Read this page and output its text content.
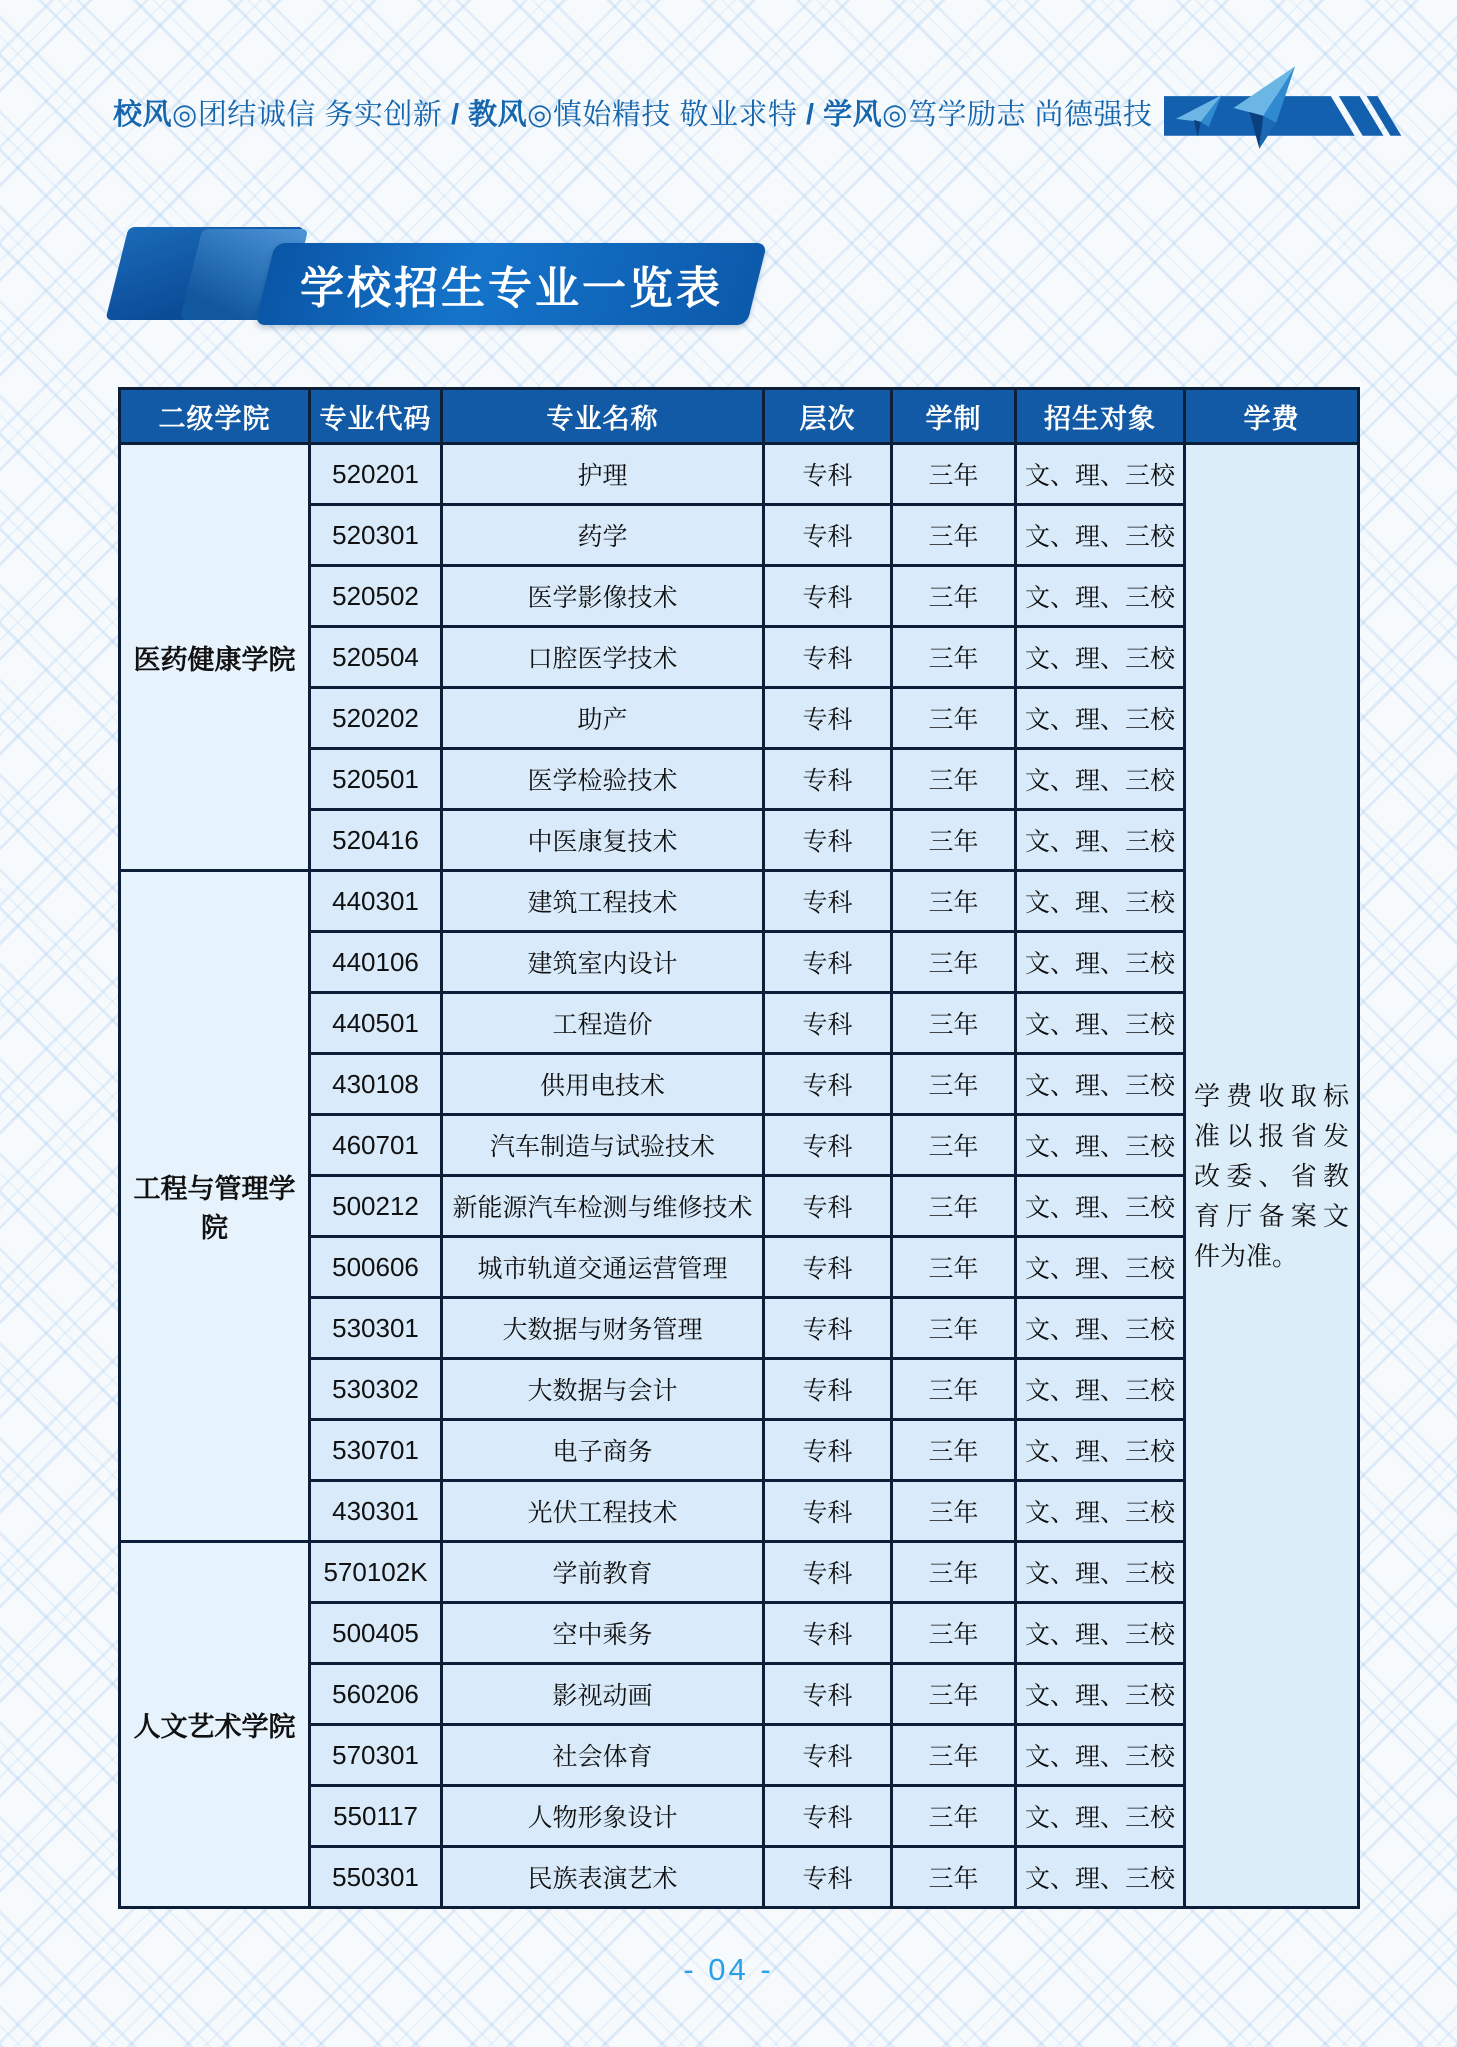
校风◎团结诚信 务实创新 / 教风◎慎始精技 敬业求特 / 学风◎笃学励志 尚德强技
学校招生专业一览表
二级学院	专业代码	专业名称	层次	学制	招生对象	学费
医药健康学院	520201	护理	专科	三年	文、理、三校	学费收取标准以报省发改委、省教育厅备案文件为准。
	520301	药学	专科	三年	文、理、三校	
	520502	医学影像技术	专科	三年	文、理、三校	
	520504	口腔医学技术	专科	三年	文、理、三校	
	520202	助产	专科	三年	文、理、三校	
	520501	医学检验技术	专科	三年	文、理、三校	
	520416	中医康复技术	专科	三年	文、理、三校	
工程与管理学院	440301	建筑工程技术	专科	三年	文、理、三校	
	440106	建筑室内设计	专科	三年	文、理、三校	
	440501	工程造价	专科	三年	文、理、三校	
	430108	供用电技术	专科	三年	文、理、三校	
	460701	汽车制造与试验技术	专科	三年	文、理、三校	
	500212	新能源汽车检测与维修技术	专科	三年	文、理、三校	
	500606	城市轨道交通运营管理	专科	三年	文、理、三校	
	530301	大数据与财务管理	专科	三年	文、理、三校	
	530302	大数据与会计	专科	三年	文、理、三校	
	530701	电子商务	专科	三年	文、理、三校	
	430301	光伏工程技术	专科	三年	文、理、三校	
人文艺术学院	570102K	学前教育	专科	三年	文、理、三校	
	500405	空中乘务	专科	三年	文、理、三校	
	560206	影视动画	专科	三年	文、理、三校	
	570301	社会体育	专科	三年	文、理、三校	
	550117	人物形象设计	专科	三年	文、理、三校	
	550301	民族表演艺术	专科	三年	文、理、三校	
- 04 -
